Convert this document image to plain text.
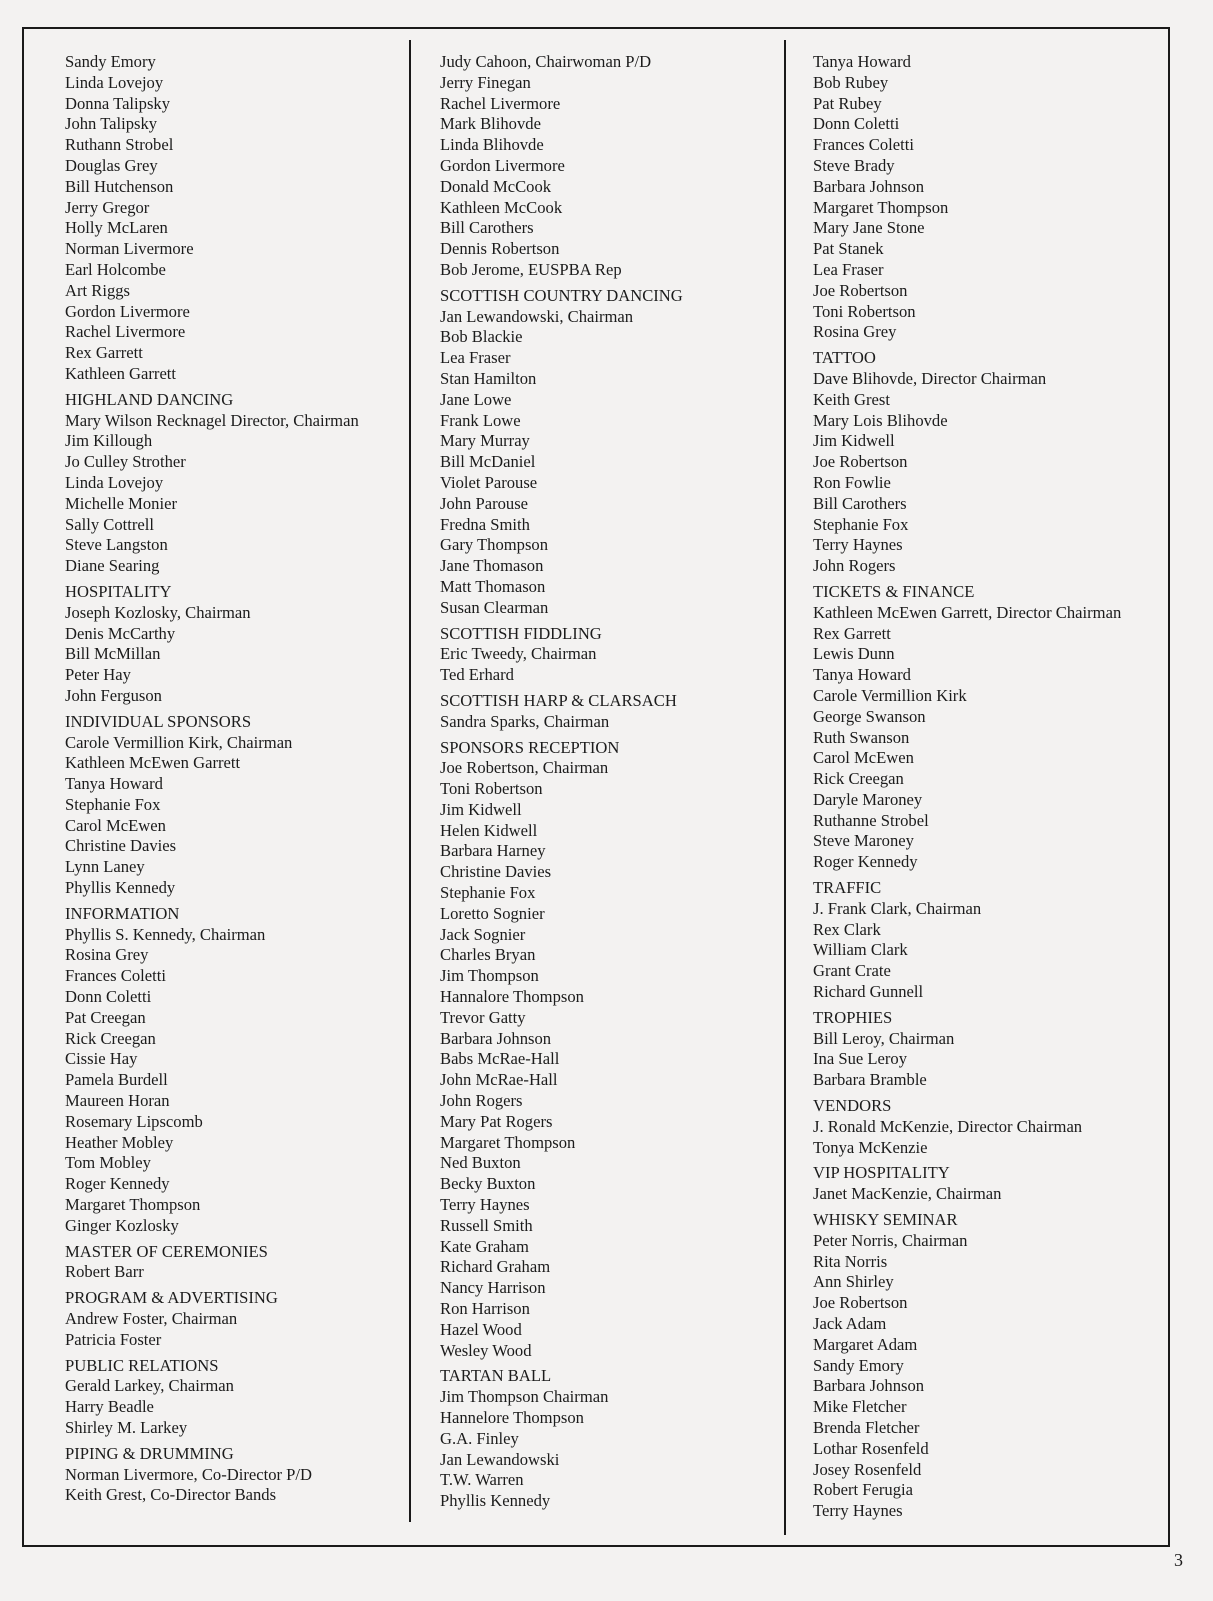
Sandy Emory
Linda Lovejoy
Donna Talipsky
John Talipsky
Ruthann Strobel
Douglas Grey
Bill Hutchenson
Jerry Gregor
Holly McLaren
Norman Livermore
Earl Holcombe
Art Riggs
Gordon Livermore
Rachel Livermore
Rex Garrett
Kathleen Garrett
HIGHLAND DANCING
Mary Wilson Recknagel Director, Chairman
Jim Killough
Jo Culley Strother
Linda Lovejoy
Michelle Monier
Sally Cottrell
Steve Langston
Diane Searing
HOSPITALITY
Joseph Kozlosky, Chairman
Denis McCarthy
Bill McMillan
Peter Hay
John Ferguson
INDIVIDUAL SPONSORS
Carole Vermillion Kirk, Chairman
Kathleen McEwen Garrett
Tanya Howard
Stephanie Fox
Carol McEwen
Christine Davies
Lynn Laney
Phyllis Kennedy
INFORMATION
Phyllis S. Kennedy, Chairman
Rosina Grey
Frances Coletti
Donn Coletti
Pat Creegan
Rick Creegan
Cissie Hay
Pamela Burdell
Maureen Horan
Rosemary Lipscomb
Heather Mobley
Tom Mobley
Roger Kennedy
Margaret Thompson
Ginger Kozlosky
MASTER OF CEREMONIES
Robert Barr
PROGRAM & ADVERTISING
Andrew Foster, Chairman
Patricia Foster
PUBLIC RELATIONS
Gerald Larkey, Chairman
Harry Beadle
Shirley M. Larkey
PIPING & DRUMMING
Norman Livermore, Co-Director P/D
Keith Grest, Co-Director Bands
Judy Cahoon, Chairwoman P/D
Jerry Finegan
Rachel Livermore
Mark Blihovde
Linda Blihovde
Gordon Livermore
Donald McCook
Kathleen McCook
Bill Carothers
Dennis Robertson
Bob Jerome, EUSPBA Rep
SCOTTISH COUNTRY DANCING
Jan Lewandowski, Chairman
Bob Blackie
Lea Fraser
Stan Hamilton
Jane Lowe
Frank Lowe
Mary Murray
Bill McDaniel
Violet Parouse
John Parouse
Fredna Smith
Gary Thompson
Jane Thomason
Matt Thomason
Susan Clearman
SCOTTISH FIDDLING
Eric Tweedy, Chairman
Ted Erhard
SCOTTISH HARP & CLARSACH
Sandra Sparks, Chairman
SPONSORS RECEPTION
Joe Robertson, Chairman
Toni Robertson
Jim Kidwell
Helen Kidwell
Barbara Harney
Christine Davies
Stephanie Fox
Loretto Sognier
Jack Sognier
Charles Bryan
Jim Thompson
Hannalore Thompson
Trevor Gatty
Barbara Johnson
Babs McRae-Hall
John McRae-Hall
John Rogers
Mary Pat Rogers
Margaret Thompson
Ned Buxton
Becky Buxton
Terry Haynes
Russell Smith
Kate Graham
Richard Graham
Nancy Harrison
Ron Harrison
Hazel Wood
Wesley Wood
TARTAN BALL
Jim Thompson Chairman
Hannelore Thompson
G.A. Finley
Jan Lewandowski
T.W. Warren
Phyllis Kennedy
Tanya Howard
Bob Rubey
Pat Rubey
Donn Coletti
Frances Coletti
Steve Brady
Barbara Johnson
Margaret Thompson
Mary Jane Stone
Pat Stanek
Lea Fraser
Joe Robertson
Toni Robertson
Rosina Grey
TATTOO
Dave Blihovde, Director Chairman
Keith Grest
Mary Lois Blihovde
Jim Kidwell
Joe Robertson
Ron Fowlie
Bill Carothers
Stephanie Fox
Terry Haynes
John Rogers
TICKETS & FINANCE
Kathleen McEwen Garrett, Director Chairman
Rex Garrett
Lewis Dunn
Tanya Howard
Carole Vermillion Kirk
George Swanson
Ruth Swanson
Carol McEwen
Rick Creegan
Daryle Maroney
Ruthanne Strobel
Steve Maroney
Roger Kennedy
TRAFFIC
J. Frank Clark, Chairman
Rex Clark
William Clark
Grant Crate
Richard Gunnell
TROPHIES
Bill Leroy, Chairman
Ina Sue Leroy
Barbara Bramble
VENDORS
J. Ronald McKenzie, Director Chairman
Tonya McKenzie
VIP HOSPITALITY
Janet MacKenzie, Chairman
WHISKY SEMINAR
Peter Norris, Chairman
Rita Norris
Ann Shirley
Joe Robertson
Jack Adam
Margaret Adam
Sandy Emory
Barbara Johnson
Mike Fletcher
Brenda Fletcher
Lothar Rosenfeld
Josey Rosenfeld
Robert Ferugia
Terry Haynes
3
